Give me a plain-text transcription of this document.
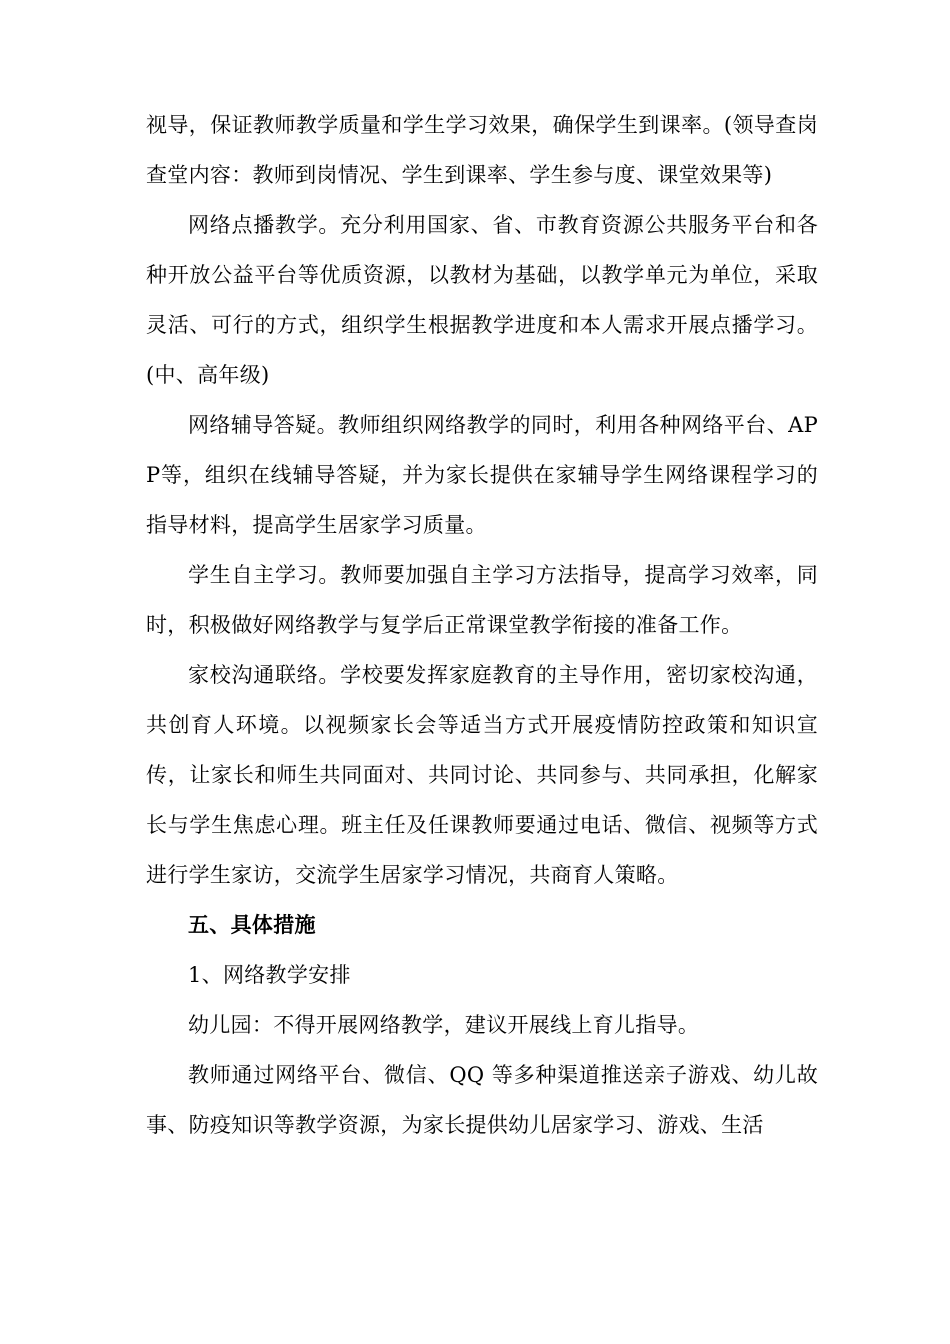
视导，保证教师教学质量和学生学习效果，确保学生到课率。(领导查岗查堂内容：教师到岗情况、学生到课率、学生参与度、课堂效果等)

网络点播教学。充分利用国家、省、市教育资源公共服务平台和各种开放公益平台等优质资源，以教材为基础，以教学单元为单位，采取灵活、可行的方式，组织学生根据教学进度和本人需求开展点播学习。(中、高年级)

网络辅导答疑。教师组织网络教学的同时，利用各种网络平台、APP等，组织在线辅导答疑，并为家长提供在家辅导学生网络课程学习的指导材料，提高学生居家学习质量。

学生自主学习。教师要加强自主学习方法指导，提高学习效率，同时，积极做好网络教学与复学后正常课堂教学衔接的准备工作。

家校沟通联络。学校要发挥家庭教育的主导作用，密切家校沟通，共创育人环境。以视频家长会等适当方式开展疫情防控政策和知识宣传，让家长和师生共同面对、共同讨论、共同参与、共同承担，化解家长与学生焦虑心理。班主任及任课教师要通过电话、微信、视频等方式进行学生家访，交流学生居家学习情况，共商育人策略。

五、具体措施

1、网络教学安排

幼儿园：不得开展网络教学，建议开展线上育儿指导。

教师通过网络平台、微信、QQ 等多种渠道推送亲子游戏、幼儿故事、防疫知识等教学资源，为家长提供幼儿居家学习、游戏、生活
